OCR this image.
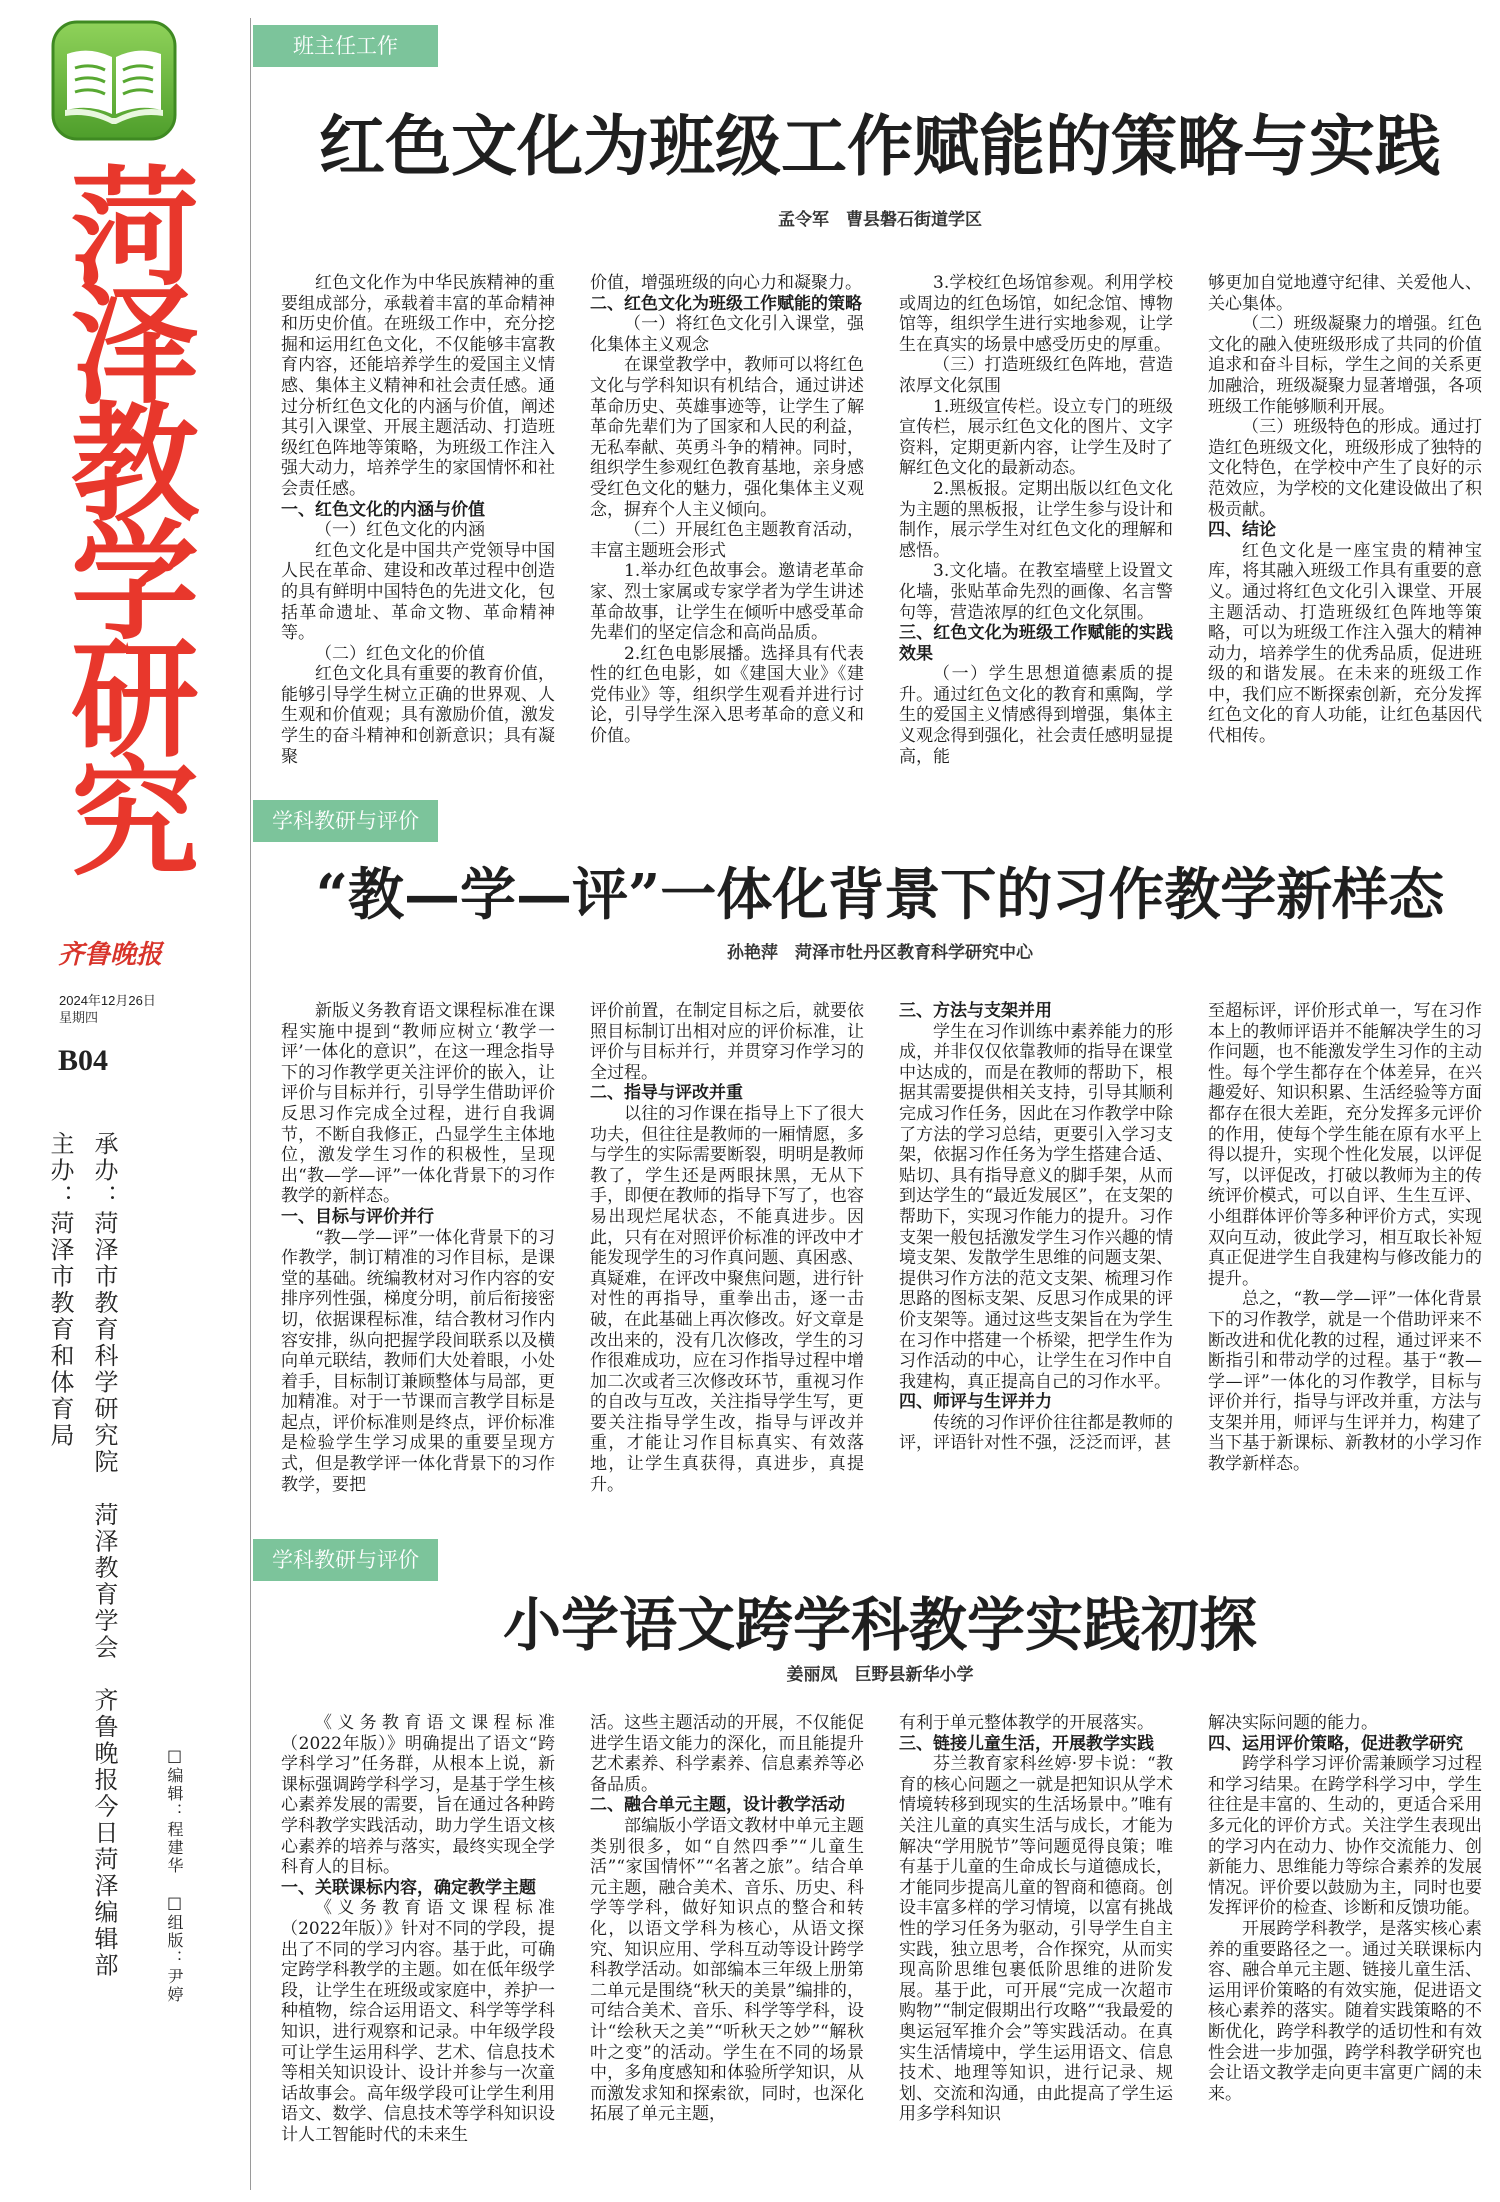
菏泽教学研究
齐鲁晚报
2024年12月26日
星期四
B04
主办：菏泽市教育和体育局 承办：菏泽市教育科学研究院　菏泽教育学会　齐鲁晚报今日菏泽编辑部	□编辑：程建华　□组版：尹婷
班主任工作
红色文化为班级工作赋能的策略与实践
孟令军　曹县磐石街道学区

红色文化作为中华民族精神的重要组成部分，承载着丰富的革命精神和历史价值。在班级工作中，充分挖掘和运用红色文化，不仅能够丰富教育内容，还能培养学生的爱国主义情感、集体主义精神和社会责任感。通过分析红色文化的内涵与价值，阐述其引入课堂、开展主题活动、打造班级红色阵地等策略，为班级工作注入强大动力，培养学生的家国情怀和社会责任感。

一、红色文化的内涵与价值

（一）红色文化的内涵

红色文化是中国共产党领导中国人民在革命、建设和改革过程中创造的具有鲜明中国特色的先进文化，包括革命遗址、革命文物、革命精神等。

（二）红色文化的价值

红色文化具有重要的教育价值，能够引导学生树立正确的世界观、人生观和价值观；具有激励价值，激发学生的奋斗精神和创新意识；具有凝聚

价值，增强班级的向心力和凝聚力。

二、红色文化为班级工作赋能的策略

（一）将红色文化引入课堂，强化集体主义观念

在课堂教学中，教师可以将红色文化与学科知识有机结合，通过讲述革命历史、英雄事迹等，让学生了解革命先辈们为了国家和人民的利益，无私奉献、英勇斗争的精神。同时，组织学生参观红色教育基地，亲身感受红色文化的魅力，强化集体主义观念，摒弃个人主义倾向。

（二）开展红色主题教育活动，丰富主题班会形式

1.举办红色故事会。邀请老革命家、烈士家属或专家学者为学生讲述革命故事，让学生在倾听中感受革命先辈们的坚定信念和高尚品质。

2.红色电影展播。选择具有代表性的红色电影，如《建国大业》《建党伟业》等，组织学生观看并进行讨论，引导学生深入思考革命的意义和价值。

3.学校红色场馆参观。利用学校或周边的红色场馆，如纪念馆、博物馆等，组织学生进行实地参观，让学生在真实的场景中感受历史的厚重。

（三）打造班级红色阵地，营造浓厚文化氛围

1.班级宣传栏。设立专门的班级宣传栏，展示红色文化的图片、文字资料，定期更新内容，让学生及时了解红色文化的最新动态。

2.黑板报。定期出版以红色文化为主题的黑板报，让学生参与设计和制作，展示学生对红色文化的理解和感悟。

3.文化墙。在教室墙壁上设置文化墙，张贴革命先烈的画像、名言警句等，营造浓厚的红色文化氛围。

三、红色文化为班级工作赋能的实践效果

（一）学生思想道德素质的提升。通过红色文化的教育和熏陶，学生的爱国主义情感得到增强，集体主义观念得到强化，社会责任感明显提高，能

够更加自觉地遵守纪律、关爱他人、关心集体。

（二）班级凝聚力的增强。红色文化的融入使班级形成了共同的价值追求和奋斗目标，学生之间的关系更加融洽，班级凝聚力显著增强，各项班级工作能够顺利开展。

（三）班级特色的形成。通过打造红色班级文化，班级形成了独特的文化特色，在学校中产生了良好的示范效应，为学校的文化建设做出了积极贡献。

四、结论

红色文化是一座宝贵的精神宝库，将其融入班级工作具有重要的意义。通过将红色文化引入课堂、开展主题活动、打造班级红色阵地等策略，可以为班级工作注入强大的精神动力，培养学生的优秀品质，促进班级的和谐发展。在未来的班级工作中，我们应不断探索创新，充分发挥红色文化的育人功能，让红色基因代代相传。

学科教研与评价
“教—学—评”一体化背景下的习作教学新样态
孙艳萍　菏泽市牡丹区教育科学研究中心

新版义务教育语文课程标准在课程实施中提到“教师应树立‘教学一评’一体化的意识”，在这一理念指导下的习作教学更关注评价的嵌入，让评价与目标并行，引导学生借助评价反思习作完成全过程，进行自我调节，不断自我修正，凸显学生主体地位，激发学生习作的积极性，呈现出“教—学—评”一体化背景下的习作教学的新样态。

一、目标与评价并行

“教—学—评”一体化背景下的习作教学，制订精准的习作目标，是课堂的基础。统编教材对习作内容的安排序列性强，梯度分明，前后衔接密切，依据课程标准，结合教材习作内容安排，纵向把握学段间联系以及横向单元联结，教师们大处着眼，小处着手，目标制订兼顾整体与局部，更加精准。对于一节课而言教学目标是起点，评价标准则是终点，评价标准是检验学生学习成果的重要呈现方式，但是教学评一体化背景下的习作教学，要把

评价前置，在制定目标之后，就要依照目标制订出相对应的评价标准，让评价与目标并行，并贯穿习作学习的全过程。

二、指导与评改并重

以往的习作课在指导上下了很大功夫，但往往是教师的一厢情愿，多与学生的实际需要断裂，明明是教师教了，学生还是两眼抹黑，无从下手，即便在教师的指导下写了，也容易出现烂尾状态，不能真进步。因此，只有在对照评价标准的评改中才能发现学生的习作真问题、真困惑、真疑难，在评改中聚焦问题，进行针对性的再指导，重拳出击，逐一击破，在此基础上再次修改。好文章是改出来的，没有几次修改，学生的习作很难成功，应在习作指导过程中增加二次或者三次修改环节，重视习作的自改与互改，关注指导学生写，更要关注指导学生改，指导与评改并重，才能让习作目标真实、有效落地，让学生真获得，真进步，真提升。

三、方法与支架并用

学生在习作训练中素养能力的形成，并非仅仅依靠教师的指导在课堂中达成的，而是在教师的帮助下，根据其需要提供相关支持，引导其顺利完成习作任务，因此在习作教学中除了方法的学习总结，更要引入学习支架，依据习作任务为学生搭建合适、贴切、具有指导意义的脚手架，从而到达学生的“最近发展区”，在支架的帮助下，实现习作能力的提升。习作支架一般包括激发学生习作兴趣的情境支架、发散学生思维的问题支架、提供习作方法的范文支架、梳理习作思路的图标支架、反思习作成果的评价支架等。通过这些支架旨在为学生在习作中搭建一个桥梁，把学生作为习作活动的中心，让学生在习作中自我建构，真正提高自己的习作水平。

四、师评与生评并力

传统的习作评价往往都是教师的评，评语针对性不强，泛泛而评，甚

至超标评，评价形式单一，写在习作本上的教师评语并不能解决学生的习作问题，也不能激发学生习作的主动性。每个学生都存在个体差异，在兴趣爱好、知识积累、生活经验等方面都存在很大差距，充分发挥多元评价的作用，使每个学生能在原有水平上得以提升，实现个性化发展，以评促写，以评促改，打破以教师为主的传统评价模式，可以自评、生生互评、小组群体评价等多种评价方式，实现双向互动，彼此学习，相互取长补短真正促进学生自我建构与修改能力的提升。

总之，“教—学—评”一体化背景下的习作教学，就是一个借助评来不断改进和优化教的过程，通过评来不断指引和带动学的过程。基于“教—学—评”一体化的习作教学，目标与评价并行，指导与评改并重，方法与支架并用，师评与生评并力，构建了当下基于新课标、新教材的小学习作教学新样态。

学科教研与评价
小学语文跨学科教学实践初探
姜丽凤　巨野县新华小学

《义务教育语文课程标准（2022年版）》明确提出了语文“跨学科学习”任务群，从根本上说，新课标强调跨学科学习，是基于学生核心素养发展的需要，旨在通过各种跨学科教学实践活动，助力学生语文核心素养的培养与落实，最终实现全学科育人的目标。

一、关联课标内容，确定教学主题

《义务教育语文课程标准（2022年版）》针对不同的学段，提出了不同的学习内容。基于此，可确定跨学科教学的主题。如在低年级学段，让学生在班级或家庭中，养护一种植物，综合运用语文、科学等学科知识，进行观察和记录。中年级学段可让学生运用科学、艺术、信息技术等相关知识设计、设计并参与一次童话故事会。高年级学段可让学生利用语文、数学、信息技术等学科知识设计人工智能时代的未来生

活。这些主题活动的开展，不仅能促进学生语文能力的深化，而且能提升艺术素养、科学素养、信息素养等必备品质。

二、融合单元主题，设计教学活动

部编版小学语文教材中单元主题类别很多，如“自然四季”“儿童生活”“家国情怀”“名著之旅”。结合单元主题，融合美术、音乐、历史、科学等学科，做好知识点的整合和转化，以语文学科为核心，从语文探究、知识应用、学科互动等设计跨学科教学活动。如部编本三年级上册第二单元是围绕“秋天的美景”编排的，可结合美术、音乐、科学等学科，设计“绘秋天之美”“听秋天之妙”“解秋叶之变”的活动。学生在不同的场景中，多角度感知和体验所学知识，从而激发求知和探索欲，同时，也深化拓展了单元主题，

有利于单元整体教学的开展落实。

三、链接儿童生活，开展教学实践

芬兰教育家科丝婷·罗卡说：“教育的核心问题之一就是把知识从学术情境转移到现实的生活场景中。”唯有关注儿童的真实生活与成长，才能为解决“学用脱节”等问题觅得良策；唯有基于儿童的生命成长与道德成长，才能同步提高儿童的智商和德商。创设丰富多样的学习情境，以富有挑战性的学习任务为驱动，引导学生自主实践，独立思考，合作探究，从而实现高阶思维包裹低阶思维的进阶发展。基于此，可开展“完成一次超市购物”“制定假期出行攻略”“我最爱的奥运冠军推介会”等实践活动。在真实生活情境中，学生运用语文、信息技术、地理等知识，进行记录、规划、交流和沟通，由此提高了学生运用多学科知识

解决实际问题的能力。

四、运用评价策略，促进教学研究

跨学科学习评价需兼顾学习过程和学习结果。在跨学科学习中，学生往往是丰富的、生动的，更适合采用多元化的评价方式。关注学生表现出的学习内在动力、协作交流能力、创新能力、思维能力等综合素养的发展情况。评价要以鼓励为主，同时也要发挥评价的检查、诊断和反馈功能。

开展跨学科教学，是落实核心素养的重要路径之一。通过关联课标内容、融合单元主题、链接儿童生活、运用评价策略的有效实施，促进语文核心素养的落实。随着实践策略的不断优化，跨学科教学的适切性和有效性会进一步加强，跨学科教学研究也会让语文教学走向更丰富更广阔的未来。
